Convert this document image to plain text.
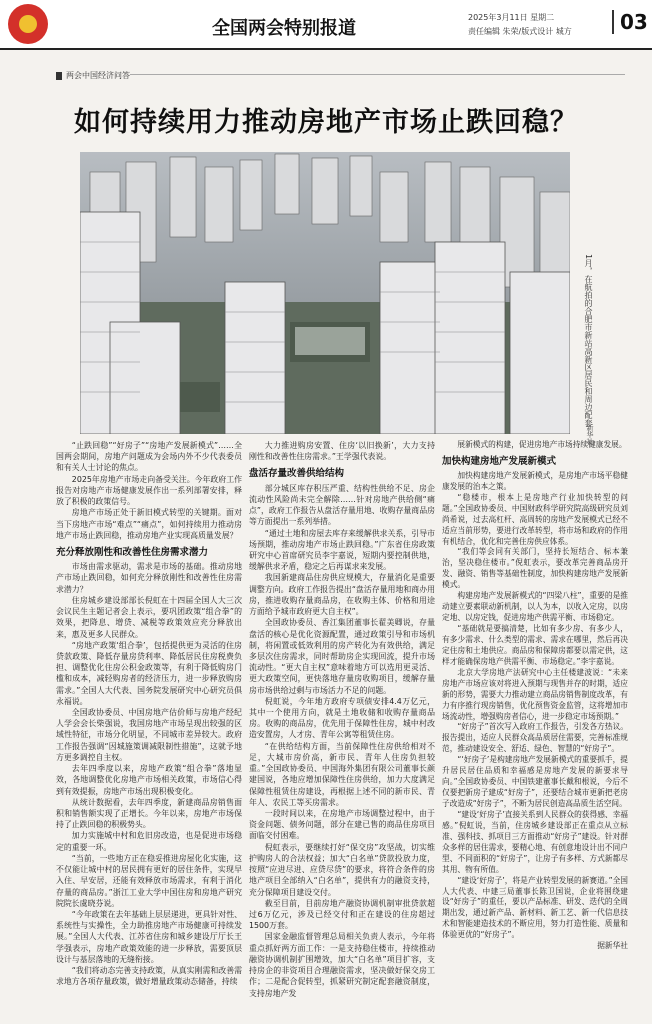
全国两会特别报道
2025年3月11日 星期二
责任编辑 朱荣/版式设计 城方	03
两会中国经济问答
如何持续用力推动房地产市场止跌回稳？
1月，在航拍的合肥市新站高新区居民和周边配套
新华社

“止跌回稳”“好房子”“房地产发展新模式”……全国两会期间，房地产问题成为会场内外不少代表委员和有关人士讨论的焦点。

2025年房地产市场走向备受关注。今年政府工作报告对房地产市场健康发展作出一系列部署安排，释放了积极的政策信号。

房地产市场正处于新旧模式转型的关键期。面对当下房地产市场“难点”“痛点”，如何持续用力推动房地产市场止跌回稳，推动房地产业实现高质量发展？

充分释放刚性和改善性住房需求潜力

市场由需求驱动，需求是市场的基础。推动房地产市场止跌回稳，如何充分释放刚性和改善性住房需求潜力？

住房城乡建设部部长倪虹在十四届全国人大三次会议民生主题记者会上表示，要巩团政策“组合拳”的效果，把降息、增贷、减税等政策效应充分释放出来，惠及更多人民群众。

“房地产政策‘组合拳’，包括提供更为灵活的住房贷款政策、降低存量房贷利率、降低居民住房税费负担、调整优化住房公积金政策等，有利于降低购房门槛和成本，减轻购房者的经济压力，进一步释放购房需求。”全国人大代表、国务院发展研究中心研究员俱永福说。

全国政协委员、中国房地产估价师与房地产经纪人学会会长柴强说，我国房地产市场呈现出较强的区域性特征，市场分化明显，不同城市差异较大。政府工作报告强调“因城施策调减限制性措施”，这就予地方更多调控自主权。

去年四季度以来，房地产政策“组合拳”落地显效，各地调整优化房地产市场相关政策，市场信心得到有效提振，房地产市场出现积极变化。

从统计数据看，去年四季度，新建商品房销售面积和销售额实现了正增长。今年以来，房地产市场保持了止跌回稳的积极势头。

加力实施城中村和危旧房改造，也是促进市场稳定的重要一环。

“当前，一些地方正在稳妥推进房屋化化实施，这不仅能让城中村的居民拥有更好的居住条件，实现早入住、早安居，还能有效释放市场需求，有利于消化存量的商品房。”浙江工业大学中国住房和房地产研究院院长虞晓芬说。

“今年政策在去年基础上层层递进，更具针对性、系统性与实操性，全力助推房地产市场健康可持续发展。”全国人大代表、江苏省住房和城乡建设厅厅长王学强表示，房地产政策效能的进一步释放，需要顶层设计与基层落地的无缝衔接。

“我们将动态完善支持政策，从真实刚需和改善需求地方各项存量政策，做好增量政策动态储备，持续

大力推进购房安置、住房‘以旧换新’，大力支持刚性和改善性住房需求。”王学强代表说。

盘活存量改善供给结构

部分城区库存积压严重、结构性供给不足、房企流动性风险尚未完全解除……针对房地产供给侧“痛点”，政府工作报告从盘活存量用地、收购存量商品房等方面提出一系列举措。

“通过土地和房屋去库存来缓解供求关系，引导市场预期，推动房地产市场止跌回稳。”广东省住房政策研究中心首席研究员李宇嘉说，短期内要控制供地，缓解供求矛盾，稳定之后再谋求来发展。

我国新建商品住房供应规模大，存量消化是重要调整方向。政府工作报告提出“盘活存量用地和商办用房，推进收购存量商品房，在收购主体、价格和用途方面给予城市政府更大自主权”。

全国政协委员、香江集团董事长翟美卿说，存量盘活的核心是优化资源配置，通过政策引导和市场机制，将闲置或低效利用的房产转化为有效供给，满足多层次住房需求，同时帮助房企实现回流，提升市场流动性。“更大自主权”意味着地方可以选用更灵活、更大政策空间，更快落地存量房收购项目，缓解存量房市场供给过剩与市场活力不足的问题。

倪虹说，今年地方政府专项债安排4.4万亿元，其中一个使用方向，就是土地收储和收购存量商品房。收购的商品房，优先用于保障性住房，城中村改造安置房，人才房、青年公寓等租赁住房。

“在供给结构方面，当前保障性住房供给相对不足，大城市房价高，新市民、青年人住房负担较重。”全国政协委员、中国海外集团有限公司董事长颜建国说，各地应增加保障性住房供给，加力大度满足保障性租赁住房建设，再根据上述不同的新市民、青年人、农民工等买房需求。

一段时间以来，在房地产市场调整过程中，由于资金问题、债务问题，部分在建已售的商品住房项目面临交付困难。

倪虹表示，要继续打好“保交房”攻坚战，切实维护购房人的合法权益；加大“白名单”贷款投放力度，按照“应进尽进、应贷尽贷”的要求，将符合条件的房地产项目全部纳入“白名单”，提供有力的融资支持，充分保障项目建设交付。

截至目前，目前房地产融资协调机制审批贷款超过6万亿元，涉及已经交付和正在建设的住房超过1500万套。

国家金融监督管理总局相关负责人表示，今年将重点抓好两方面工作：一是支持稳住楼市，持续推动融资协调机制扩围增效，加大“白名单”项目扩容，支持房企的非资项目合理融资需求，坚决做好保交房工作；二是配合促转型，抓紧研究制定配套融资制度，支持房地产发

展新模式的构建，促进房地产市场持续健康发展。

加快构建房地产发展新模式

加快构建房地产发展新模式，是房地产市场平稳健康发展的治本之策。

“稳楼市，根本上是房地产行业加快转型的问题。”全国政协委员、中国财政科学研究院高级研究员刘尚希说，过去高杠杆、高周转的房地产发展模式已经不适应当前形势，要进行改革转型，将市场和政府的作用有机结合，优化和完善住房供应体系。

“我们等会同有关部门，坚持长短结合、标本兼治，坚决稳住楼市。”倪虹表示，要改革完善商品房开发、融资、销售等基础性制度，加快构建房地产发展新模式。

构建房地产发展新模式的“四梁八柱”，重要的是推动建立要素联动新机制，以人为本，以收入定房，以房定地、以房定钱，促进房地产供需平衡、市场稳定。

“基础就是要搞清楚，比如有多少房、有多少人，有多少需求、什么类型的需求、需求在哪里，然后再决定住房和土地供应。商品房和保障房都要以需定供，这样才能确保房地产供需平衡、市场稳定。”李宇嘉说。

北京大学房地产法研究中心主任楼建波说：“未来房地产市场应该对将进入预期与现售并存的时期，适应新的形势，需要大力推动建立商品房销售制度改革，有力有序推行现房销售，优化预售资金监管，这将增加市场流动性，增强购房者信心，进一步稳定市场预期。”

“好房子”首次写入政府工作报告，引发各方热议。报告提出，适应人民群众高品质居住需要，完善标准规范，推动建设安全、舒适、绿色、智慧的“好房子”。

“‘好房子’是构建房地产发展新模式的重要抓手，提升居民居住品质和幸福感是房地产发展的新要求导向。”全国政协委员、中国铁建董事长戴和根说，今后不仅要把新房子建成“好房子”，还要结合城市更新把老房子改造成“好房子”，不断为居民创造高品质生活空间。

“建设‘好房子’直接关系到人民群众的获得感、幸福感。”倪虹说，当前，住房城乡建设部正在重点从立标准、强科技、抓项目三方面推动“好房子”建设。针对群众多样的居住需求，要精心地、有创意地设计出不同户型、不同面积的“好房子”，让房子有多样、方式新都尽其用、物有所值。

“建设‘好房子’，将是产业转型发展的新赛道。”全国人大代表、中建三局董事长陈卫国说，企业将围绕建设“好房子”的重任，要以产品标准、研发、迭代的全周期出发，通过新产品、新材料、新工艺、新一代信息技术和智能建造技术的不断应用，努力打造性能、质量和体验更优的“好房子”。

据新华社
